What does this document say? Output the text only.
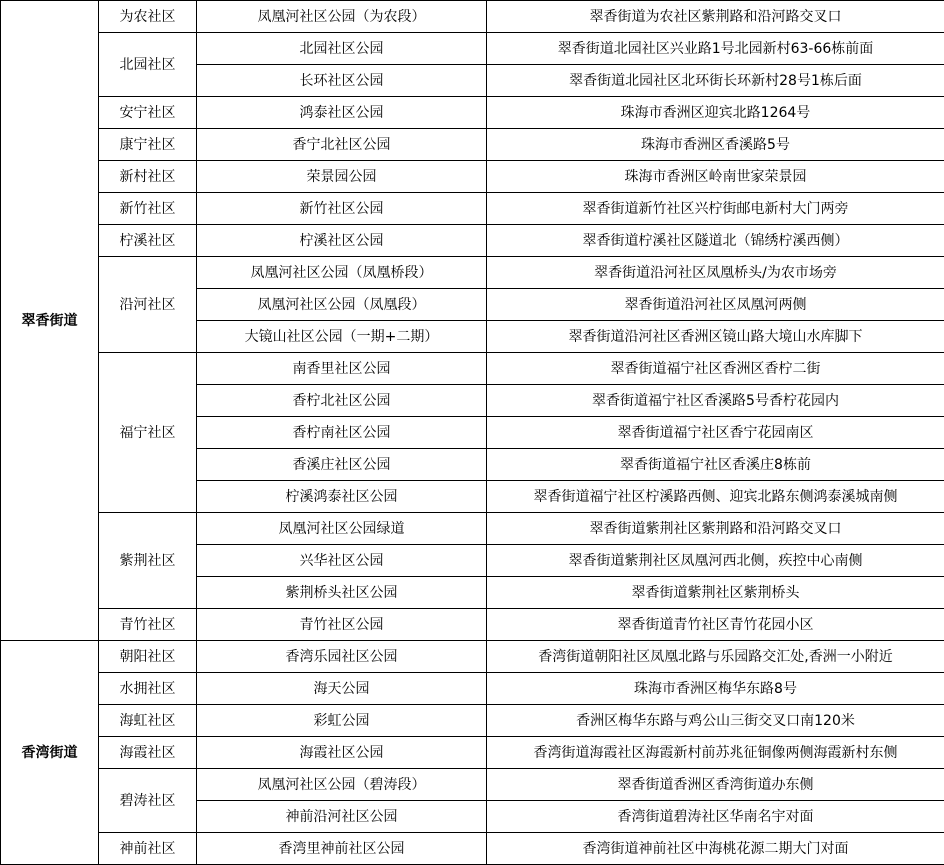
翠香街道	为农社区	凤凰河社区公园（为农段）	翠香街道为农社区紫荆路和沿河路交叉口
	北园社区	北园社区公园	翠香街道北园社区兴业路1号北园新村63-66栋前面
		长环社区公园	翠香街道北园社区北环街长环新村28号1栋后面
	安宁社区	鸿泰社区公园	珠海市香洲区迎宾北路1264号
	康宁社区	香宁北社区公园	珠海市香洲区香溪路5号
	新村社区	荣景园公园	珠海市香洲区岭南世家荣景园
	新竹社区	新竹社区公园	翠香街道新竹社区兴柠街邮电新村大门两旁
	柠溪社区	柠溪社区公园	翠香街道柠溪社区隧道北（锦绣柠溪西侧）
	沿河社区	凤凰河社区公园（凤凰桥段）	翠香街道沿河社区凤凰桥头/为农市场旁
		凤凰河社区公园（凤凰段）	翠香街道沿河社区凤凰河两侧
		大镜山社区公园（一期+二期）	翠香街道沿河社区香洲区镜山路大境山水库脚下
	福宁社区	南香里社区公园	翠香街道福宁社区香洲区香柠二街
		香柠北社区公园	翠香街道福宁社区香溪路5号香柠花园内
		香柠南社区公园	翠香街道福宁社区香宁花园南区
		香溪庄社区公园	翠香街道福宁社区香溪庄8栋前
		柠溪鸿泰社区公园	翠香街道福宁社区柠溪路西侧、迎宾北路东侧鸿泰溪城南侧
	紫荆社区	凤凰河社区公园绿道	翠香街道紫荆社区紫荆路和沿河路交叉口
		兴华社区公园	翠香街道紫荆社区凤凰河西北侧，疾控中心南侧
		紫荆桥头社区公园	翠香街道紫荆社区紫荆桥头
	青竹社区	青竹社区公园	翠香街道青竹社区青竹花园小区
香湾街道	朝阳社区	香湾乐园社区公园	香湾街道朝阳社区凤凰北路与乐园路交汇处,香洲一小附近
	水拥社区	海天公园	珠海市香洲区梅华东路8号
	海虹社区	彩虹公园	香洲区梅华东路与鸡公山三街交叉口南120米
	海霞社区	海霞社区公园	香湾街道海霞社区海霞新村前苏兆征铜像两侧海霞新村东侧
	碧涛社区	凤凰河社区公园（碧涛段）	翠香街道香洲区香湾街道办东侧
		神前沿河社区公园	香湾街道碧涛社区华南名宇对面
	神前社区	香湾里神前社区公园	香湾街道神前社区中海桃花源二期大门对面
